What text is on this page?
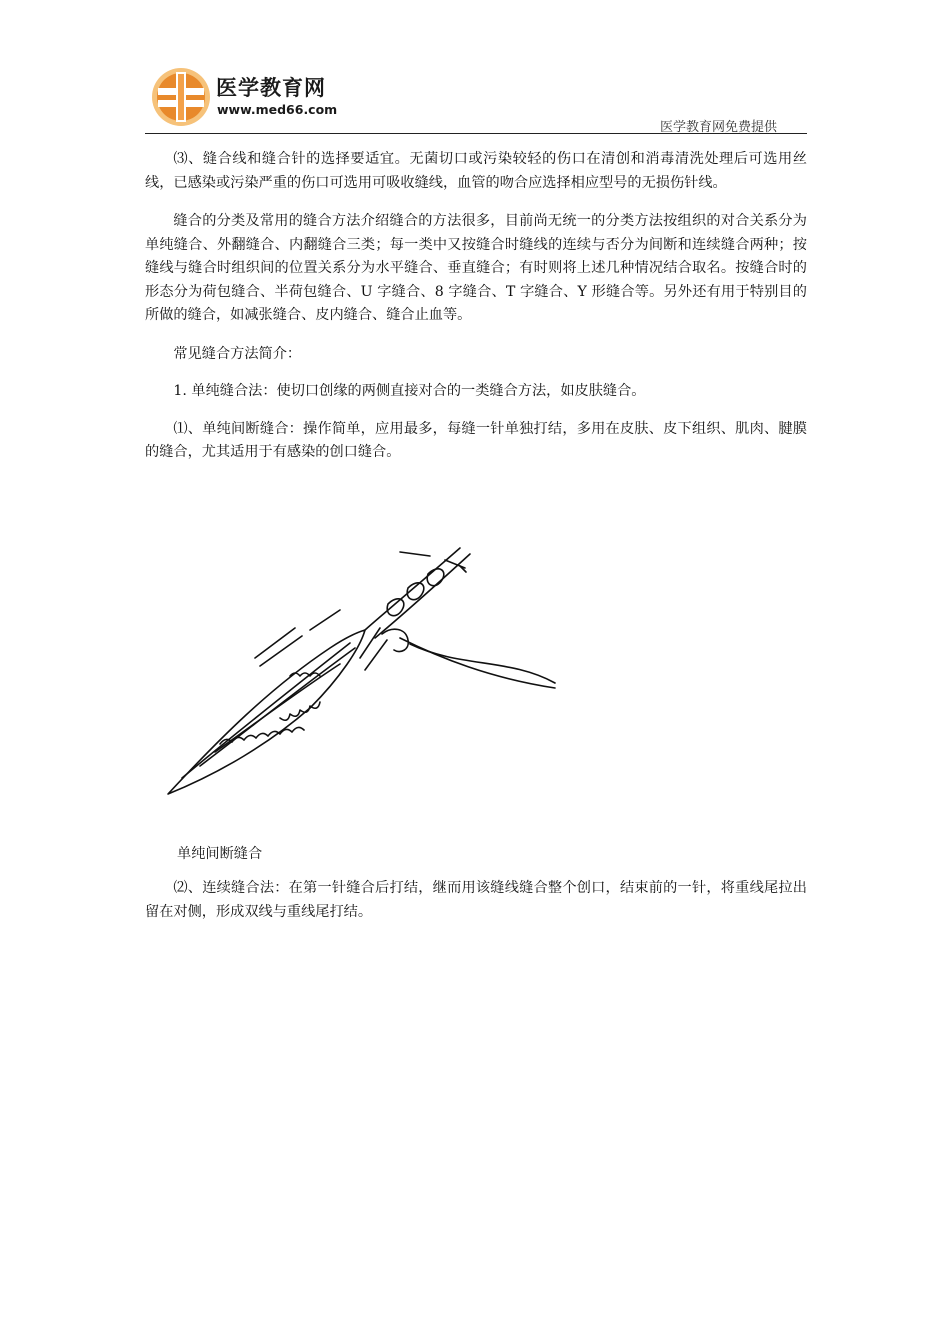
医学教育网
www.med66.com
医学教育网免费提供

⑶、缝合线和缝合针的选择要适宜。无菌切口或污染较轻的伤口在清创和消毒清洗处理后可选用丝线，已感染或污染严重的伤口可选用可吸收缝线，血管的吻合应选择相应型号的无损伤针线。

缝合的分类及常用的缝合方法介绍缝合的方法很多，目前尚无统一的分类方法按组织的对合关系分为单纯缝合、外翻缝合、内翻缝合三类；每一类中又按缝合时缝线的连续与否分为间断和连续缝合两种；按缝线与缝合时组织间的位置关系分为水平缝合、垂直缝合；有时则将上述几种情况结合取名。按缝合时的形态分为荷包缝合、半荷包缝合、U 字缝合、8 字缝合、T 字缝合、Y 形缝合等。另外还有用于特别目的所做的缝合，如减张缝合、皮内缝合、缝合止血等。

常见缝合方法简介：

1. 单纯缝合法：使切口创缘的两侧直接对合的一类缝合方法，如皮肤缝合。

⑴、单纯间断缝合：操作简单，应用最多，每缝一针单独打结，多用在皮肤、皮下组织、肌肉、腱膜的缝合，尤其适用于有感染的创口缝合。

单纯间断缝合

⑵、连续缝合法：在第一针缝合后打结，继而用该缝线缝合整个创口，结束前的一针，将重线尾拉出留在对侧，形成双线与重线尾打结。
